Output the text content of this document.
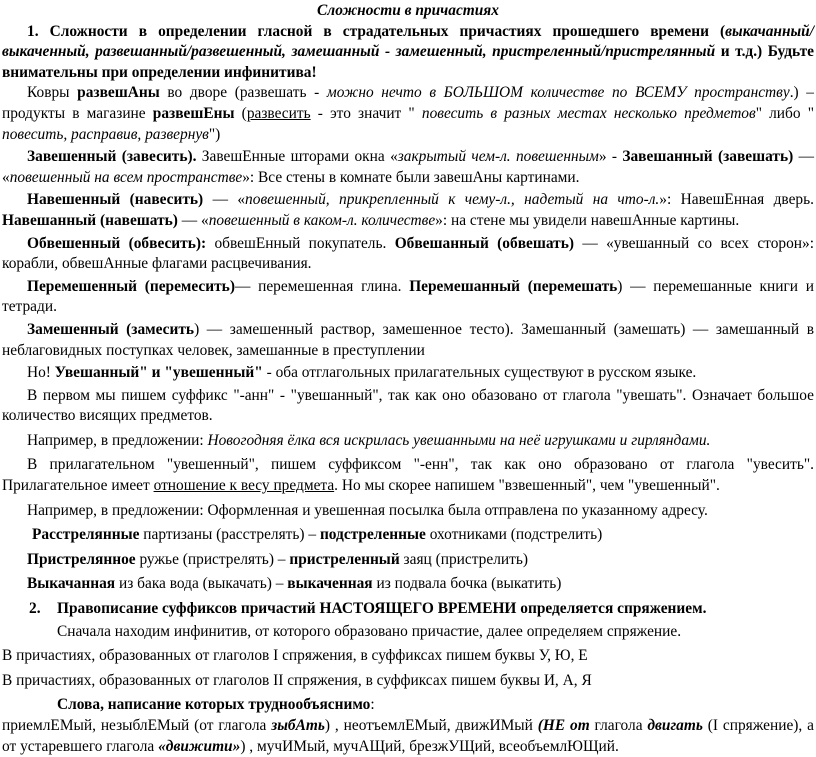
Сложности в причастиях

1. Сложности в определении гласной в страдательных причастиях прошедшего времени (выкачанный/выкаченный, развешанный/развешенный, замешанный - замешенный, пристреленный/пристрелянный и т.д.) Будьте внимательны при определении инфинитива!

Ковры развешАны во дворе (развешать - можно нечто в БОЛЬШОМ количестве по ВСЕМУ пространству.) – продукты в магазине развешЕны (развесить - это значит " повесить в разных местах несколько предметов" либо " повесить, расправив, развернув")

Завешенный (завесить). ЗавешЕнные шторами окна «закрытый чем-л. повешенным» - Завешанный (завешать) — «повешенный на всем пространстве»: Все стены в комнате были завешАны картинами.

Навешенный (навесить) — «повешенный, прикрепленный к чему-л., надетый на что-л.»: НавешЕнная дверь. Навешанный (навешать) — «повешенный в каком-л. количестве»: на стене мы увидели навешАнные картины.

Обвешенный (обвесить): обвешЕнный покупатель. Обвешанный (обвешать) — «увешанный со всех сторон»: корабли, обвешАнные флагами расцвечивания.

Перемешенный (перемесить)— перемешенная глина. Перемешанный (перемешать) — перемешанные книги и тетради.

Замешенный (замесить) — замешенный раствор, замешенное тесто). Замешанный (замешать) — замешанный в неблаговидных поступках человек, замешанные в преступлении

Но! Увешанный" и "увешенный" - оба отглагольных прилагательных существуют в русском языке.

В первом мы пишем суффикс "-анн" - "увешанный", так как оно обазовано от глагола "увешать". Означает большое количество висящих предметов.

Например, в предложении: Новогодняя ёлка вся искрилась увешанными на неё игрушками и гирляндами.

В прилагательном "увешенный", пишем суффиксом "-енн", так как оно образовано от глагола "увесить". Прилагательное имеет отношение к весу предмета. Но мы скорее напишем "взвешенный", чем "увешенный".

Например, в предложении: Оформленная и увешенная посылка была отправлена по указанному адресу.

Расстрелянные партизаны (расстрелять) – подстреленные охотниками (подстрелить)

Пристрелянное ружье (пристрелять) – пристреленный заяц (пристрелить)

Выкачанная из бака вода (выкачать) – выкаченная из подвала бочка (выкатить)

2. Правописание суффиксов причастий НАСТОЯЩЕГО ВРЕМЕНИ определяется спряжением.

Сначала находим инфинитив, от которого образовано причастие, далее определяем спряжение.

В причастиях, образованных от глаголов I спряжения, в суффиксах пишем буквы У, Ю, Е

В причастиях, образованных от глаголов II спряжения, в суффиксах пишем буквы И, А, Я

Слова, написание которых труднообъяснимо:

приемлЕМый, незыблЕМый (от глагола зыбАть) , неотъемлЕМый, движИМый (НЕ от глагола двигать (I спряжение), а от устаревшего глагола «движити») , мучИМый, мучАЩий, брезжУЩий, всеобъемлЮЩий.
